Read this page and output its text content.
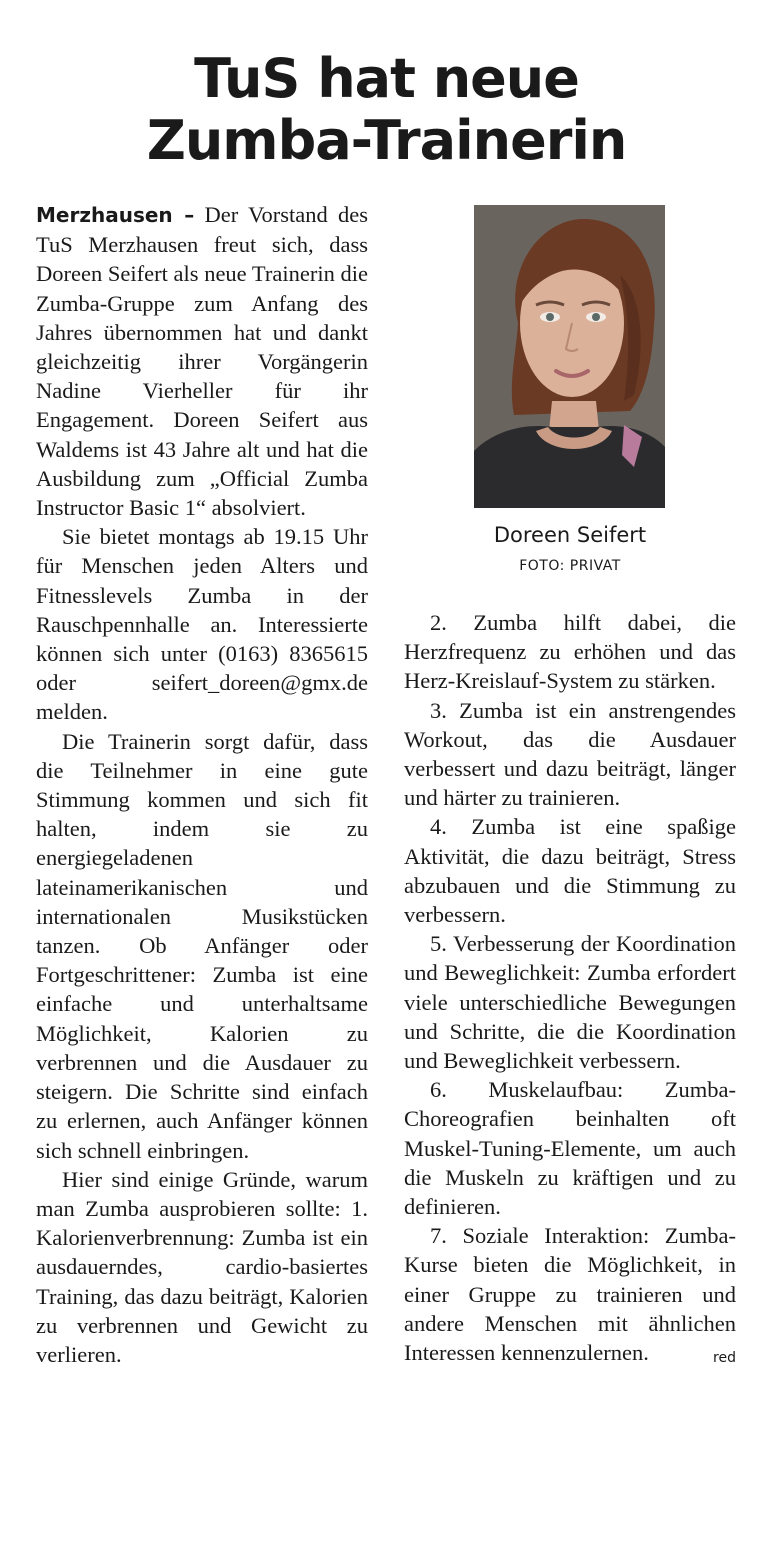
TuS hat neue
Zumba-Trainerin

Merzhausen – Der Vorstand des TuS Merzhausen freut sich, dass Doreen Seifert als neue Trainerin die Zumba-Gruppe zum Anfang des Jahres übernommen hat und dankt gleichzeitig ihrer Vorgängerin Nadine Vierheller für ihr Engagement. Doreen Seifert aus Waldems ist 43 Jahre alt und hat die Ausbildung zum „Official Zumba Instructor Basic 1“ absolviert.

Sie bietet montags ab 19.15 Uhr für Menschen jeden Alters und Fitnesslevels Zumba in der Rauschpennhalle an. Interessierte können sich unter (0163) 8365615 oder seifert_doreen@gmx.de melden.

Die Trainerin sorgt dafür, dass die Teilnehmer in eine gute Stimmung kommen und sich fit halten, indem sie zu energiegeladenen lateinamerikanischen und internationalen Musikstücken tanzen. Ob Anfänger oder Fortgeschrittener: Zumba ist eine einfache und unterhaltsame Möglichkeit, Kalorien zu verbrennen und die Ausdauer zu steigern. Die Schritte sind einfach zu erlernen, auch Anfänger können sich schnell einbringen.

Hier sind einige Gründe, warum man Zumba ausprobieren sollte: 1. Kalorienverbrennung: Zumba ist ein ausdauerndes, cardio-basiertes Training, das dazu beiträgt, Kalorien zu verbrennen und Gewicht zu verlieren.

Doreen Seifert
FOTO: PRIVAT

2. Zumba hilft dabei, die Herzfrequenz zu erhöhen und das Herz-Kreislauf-System zu stärken.

3. Zumba ist ein anstrengendes Workout, das die Ausdauer verbessert und dazu beiträgt, länger und härter zu trainieren.

4. Zumba ist eine spaßige Aktivität, die dazu beiträgt, Stress abzubauen und die Stimmung zu verbessern.

5. Verbesserung der Koordination und Beweglichkeit: Zumba erfordert viele unterschiedliche Bewegungen und Schritte, die die Koordination und Beweglichkeit verbessern.

6. Muskelaufbau: Zumba-Choreografien beinhalten oft Muskel-Tuning-Elemente, um auch die Muskeln zu kräftigen und zu definieren.

7. Soziale Interaktion: Zumba-Kurse bieten die Möglichkeit, in einer Gruppe zu trainieren und andere Menschen mit ähnlichen Interessen kennenzulernen.	red
